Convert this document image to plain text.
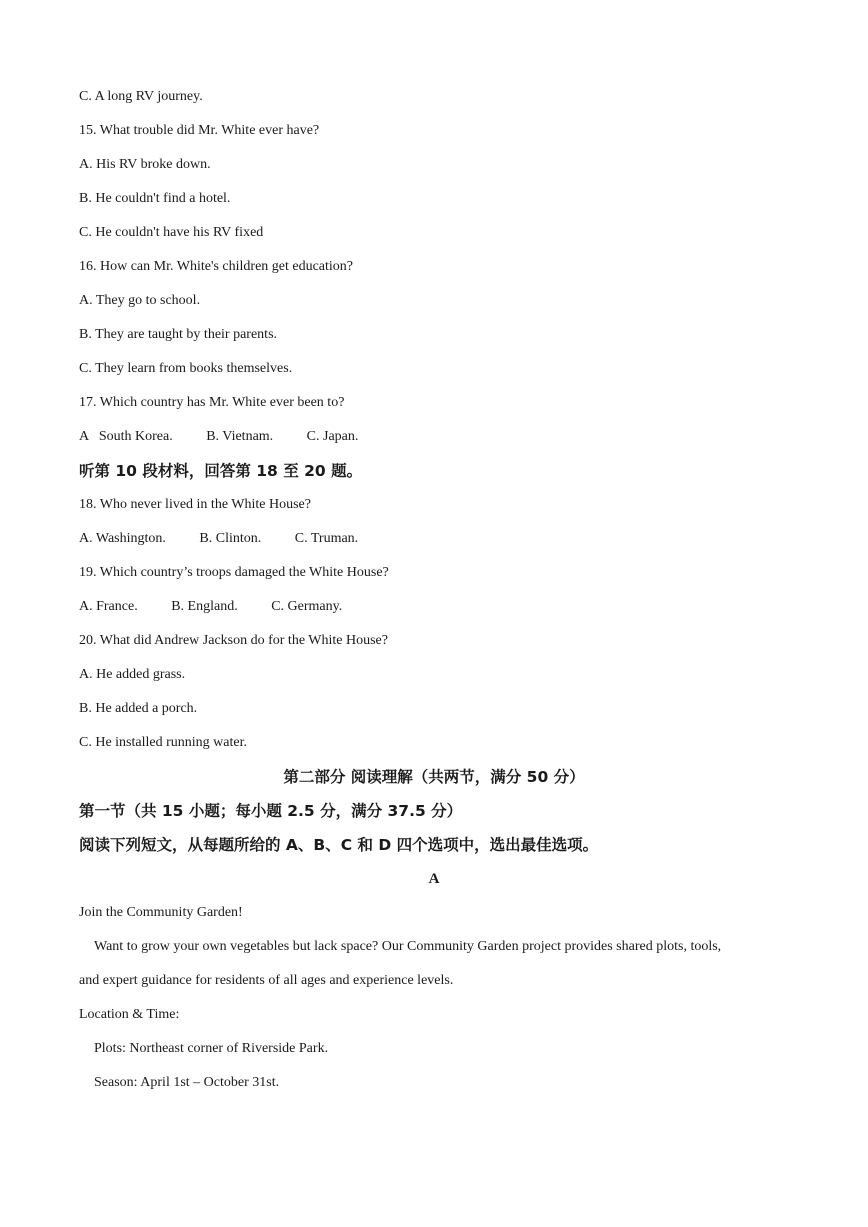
C. A long RV journey.
15. What trouble did Mr. White ever have?
A. His RV broke down.
B. He couldn't find a hotel.
C. He couldn't have his RV fixed
16. How can Mr. White's children get education?
A. They go to school.
B. They are taught by their parents.
C. They learn from books themselves.
17. Which country has Mr. White ever been to?
A   South Korea. B. Vietnam. C. Japan.
听第 10 段材料，回答第 18 至 20 题。
18. Who never lived in the White House?
A. Washington. B. Clinton. C. Truman.
19. Which country’s troops damaged the White House?
A. France. B. England. C. Germany.
20. What did Andrew Jackson do for the White House?
A. He added grass.
B. He added a porch.
C. He installed running water.
第二部分 阅读理解（共两节，满分 50 分）
第一节（共 15 小题；每小题 2.5 分，满分 37.5 分）
阅读下列短文，从每题所给的 A、B、C 和 D 四个选项中，选出最佳选项。
A
Join the Community Garden!
Want to grow your own vegetables but lack space? Our Community Garden project provides shared plots, tools,
and expert guidance for residents of all ages and experience levels.
Location & Time:
Plots: Northeast corner of Riverside Park.
Season: April 1st – October 31st.
